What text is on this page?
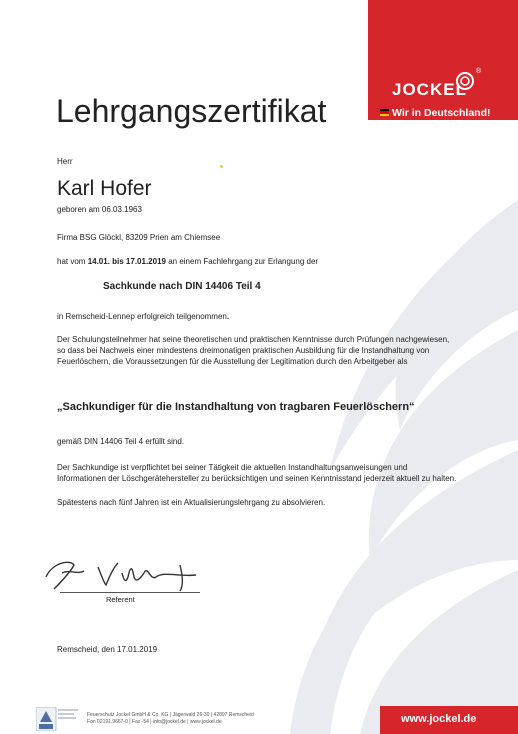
JOCKEL
®
Wir in Deutschland!
Lehrgangszertifikat
Herr
Karl Hofer
geboren am 06.03.1963
Firma BSG Glöckl, 83209 Prien am Chiemsee
hat vom 14.01. bis 17.01.2019 an einem Fachlehrgang zur Erlangung der
Sachkunde nach DIN 14406 Teil 4
in Remscheid-Lennep erfolgreich teilgenommen.
Der Schulungsteilnehmer hat seine theoretischen und praktischen Kenntnisse durch Prüfungen nachgewiesen, so dass bei Nachweis einer mindestens dreimonatigen praktischen Ausbildung für die Instandhaltung von Feuerlöschern, die Voraussetzungen für die Ausstellung der Legitimation durch den Arbeitgeber als
„Sachkundiger für die Instandhaltung von tragbaren Feuerlöschern“
gemäß DIN 14406 Teil 4 erfüllt sind.
Der Sachkundige ist verpflichtet bei seiner Tätigkeit die aktuellen Instandhaltungsanweisungen und Informationen der Löschgerätehersteller zu berücksichtigen und seinen Kenntnisstand jederzeit aktuell zu halten.
Spätestens nach fünf Jahren ist ein Aktualisierungslehrgang zu absolvieren.
Referent
Remscheid, den 17.01.2019
Feuerschutz Jockel GmbH & Co. KG | Jägerwald 26-30 | 42897 Remscheid
Fon 02191.9667-0 | Fax -54 | info@jockel.de | www.jockel.de	www.jockel.de
